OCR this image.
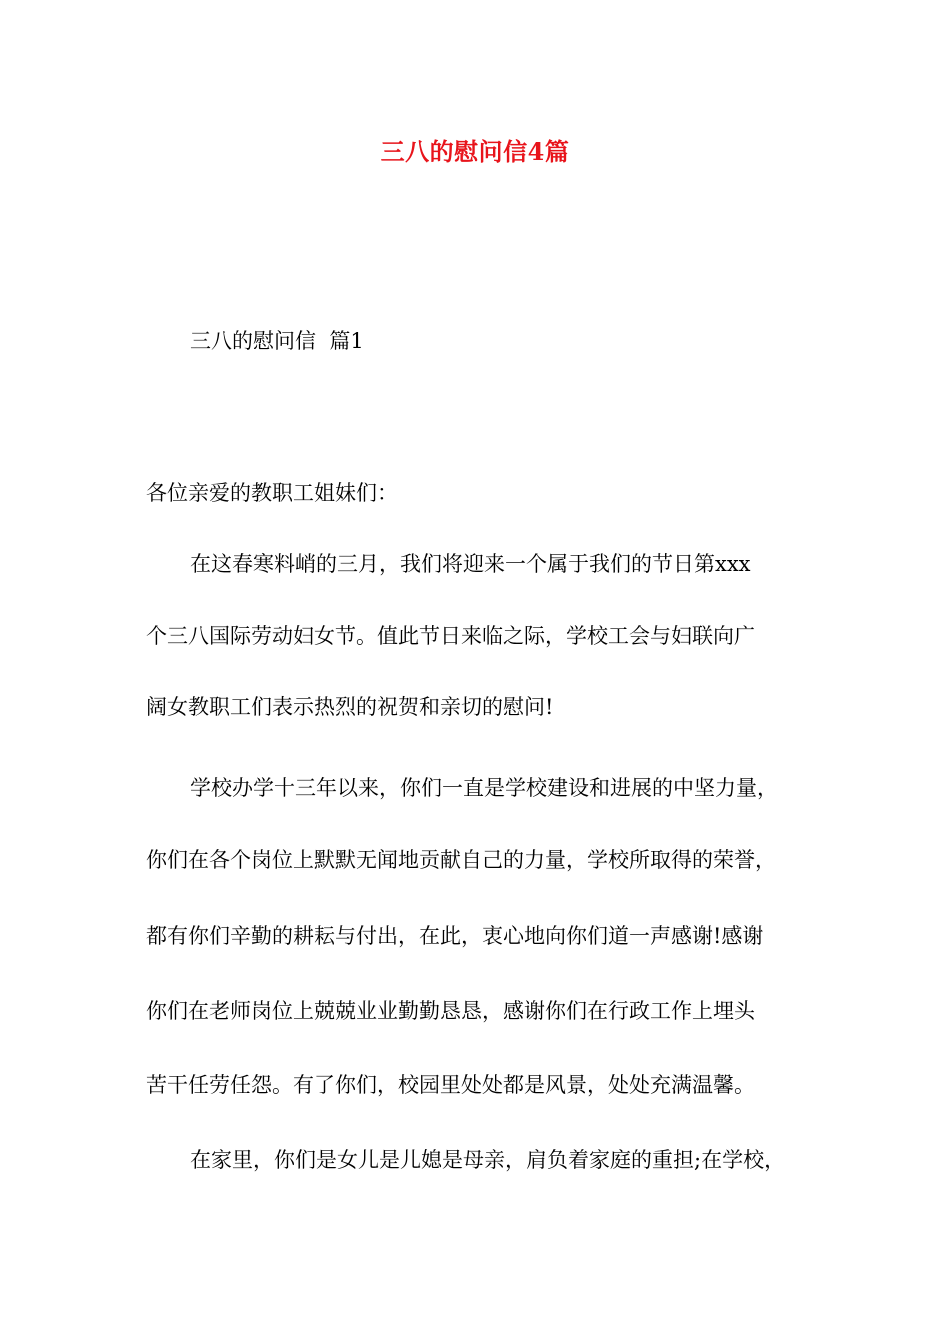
三八的慰问信4篇
三八的慰问信  篇1
各位亲爱的教职工姐妹们：
在这春寒料峭的三月，我们将迎来一个属于我们的节日第xxx
个三八国际劳动妇女节。值此节日来临之际，学校工会与妇联向广
阔女教职工们表示热烈的祝贺和亲切的慰问!
学校办学十三年以来，你们一直是学校建设和进展的中坚力量，
你们在各个岗位上默默无闻地贡献自己的力量，学校所取得的荣誉，
都有你们辛勤的耕耘与付出，在此，衷心地向你们道一声感谢!感谢
你们在老师岗位上兢兢业业勤勤恳恳，感谢你们在行政工作上埋头
苦干任劳任怨。有了你们，校园里处处都是风景，处处充满温馨。
在家里，你们是女儿是儿媳是母亲，肩负着家庭的重担;在学校，
